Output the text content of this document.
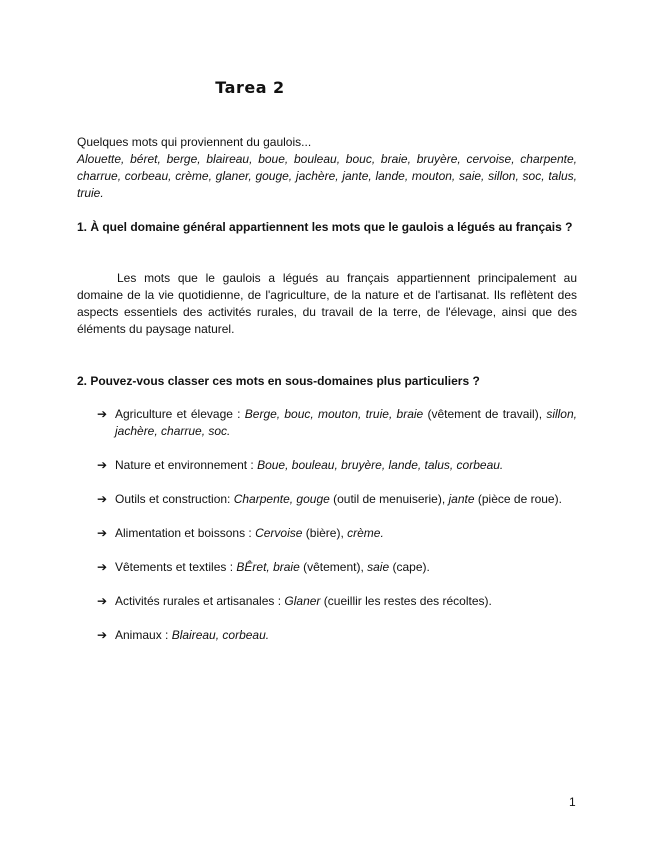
Tarea 2
Quelques mots qui proviennent du gaulois...
Alouette, béret, berge, blaireau, boue, bouleau, bouc, braie, bruyère, cervoise, charpente, charrue, corbeau, crème, glaner, gouge, jachère, jante, lande, mouton, saie, sillon, soc, talus, truie.
1. À quel domaine général appartiennent les mots que le gaulois a légués au français ?
Les mots que le gaulois a légués au français appartiennent principalement au domaine de la vie quotidienne, de l'agriculture, de la nature et de l'artisanat. Ils reflètent des aspects essentiels des activités rurales, du travail de la terre, de l'élevage, ainsi que des éléments du paysage naturel.
2. Pouvez-vous classer ces mots en sous-domaines plus particuliers ?
➔ Agriculture et élevage : Berge, bouc, mouton, truie, braie (vêtement de travail), sillon, jachère, charrue, soc.
➔ Nature et environnement : Boue, bouleau, bruyère, lande, talus, corbeau.
➔ Outils et construction: Charpente, gouge (outil de menuiserie), jante (pièce de roue).
➔ Alimentation et boissons : Cervoise (bière), crème.
➔ Vêtements et textiles : BÊret, braie (vêtement), saie (cape).
➔ Activités rurales et artisanales : Glaner (cueillir les restes des récoltes).
➔ Animaux : Blaireau, corbeau.
1
